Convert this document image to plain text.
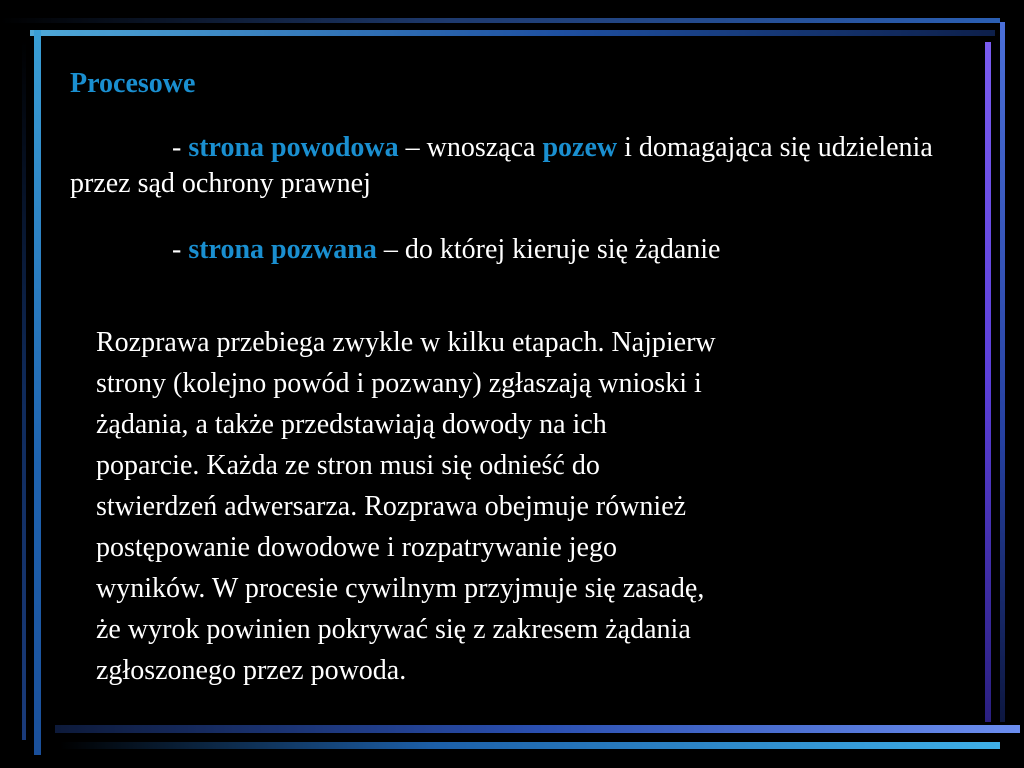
Procesowe

- strona powodowa – wnosząca pozew i domagająca się udzielenia przez sąd ochrony prawnej

- strona pozwana – do której kieruje się żądanie

Rozprawa przebiega zwykle w kilku etapach. Najpierw
strony (kolejno powód i pozwany) zgłaszają wnioski i
żądania, a także przedstawiają dowody na ich
poparcie. Każda ze stron musi się odnieść do
stwierdzeń adwersarza. Rozprawa obejmuje również
postępowanie dowodowe i rozpatrywanie jego
wyników. W procesie cywilnym przyjmuje się zasadę,
że wyrok powinien pokrywać się z zakresem żądania
zgłoszonego przez powoda.
